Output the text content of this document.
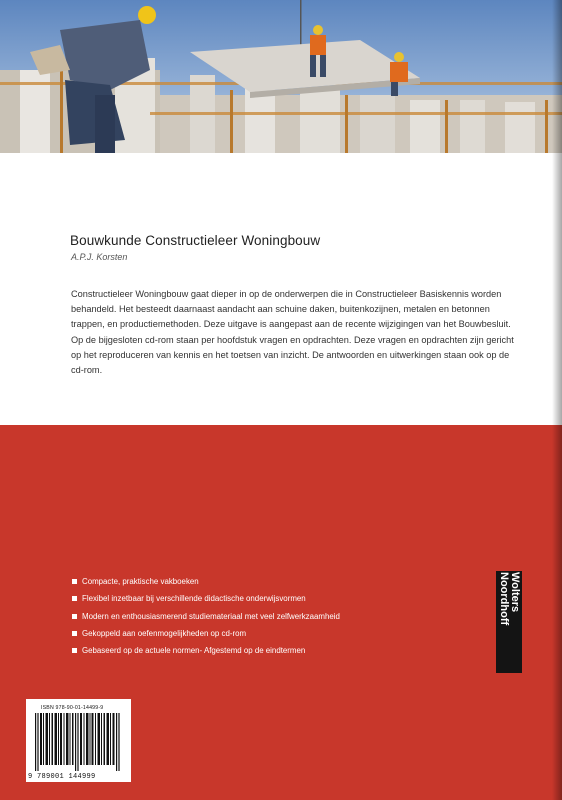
Bouwkunde Constructieleer Woningbouw
A.P.J. Korsten
Constructieleer Woningbouw gaat dieper in op de onderwerpen die in Constructieleer Basiskennis worden behandeld. Het besteedt daarnaast aandacht aan schuine daken, buitenkozijnen, metalen en betonnen trappen, en productiemethoden. Deze uitgave is aangepast aan de recente wijzigingen van het Bouwbesluit. Op de bijgesloten cd-rom staan per hoofdstuk vragen en opdrachten. Deze vragen en opdrachten zijn gericht op het reproduceren van kennis en het toetsen van inzicht. De antwoorden en uitwerkingen staan ook op de cd-rom.
Compacte, praktische vakboeken
Flexibel inzetbaar bij verschillende didactische onderwijsvormen
Modern en enthousiasmerend studiemateriaal met veel zelfwerkzaamheid
Gekoppeld aan oefenmogelijkheden op cd-rom
Gebaseerd op de actuele normen- Afgestemd op de eindtermen
Wolters
Noordhoff
ISBN 978-90-01-14499-9
9 789001 144999
